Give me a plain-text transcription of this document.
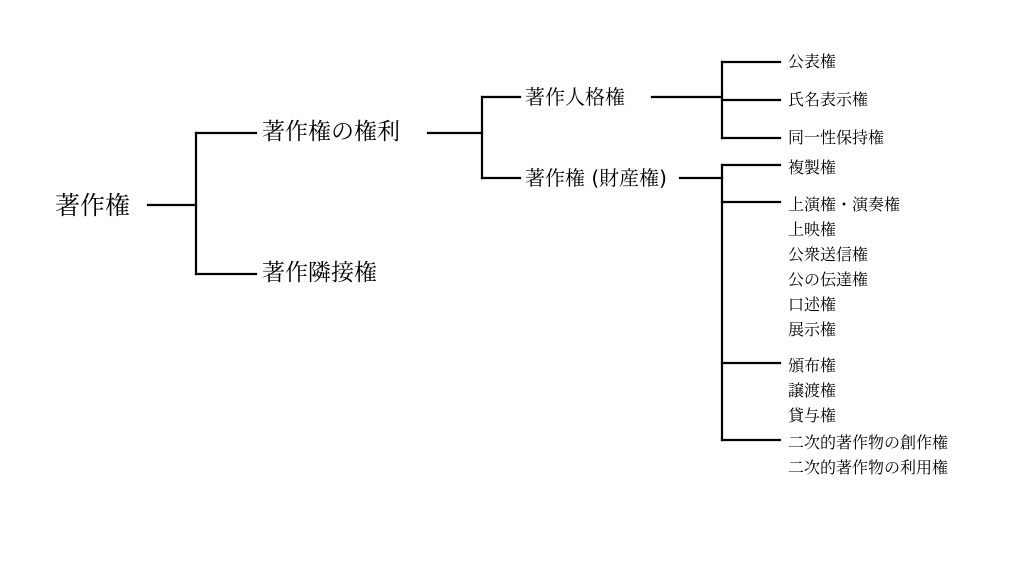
著作権
著作権の権利
著作隣接権
著作人格権
著作権 (財産権)
公表権
氏名表示権
同一性保持権
複製権
上演権・演奏権
上映権
公衆送信権
公の伝達権
口述権
展示権
頒布権
譲渡権
貸与権
二次的著作物の創作権
二次的著作物の利用権
